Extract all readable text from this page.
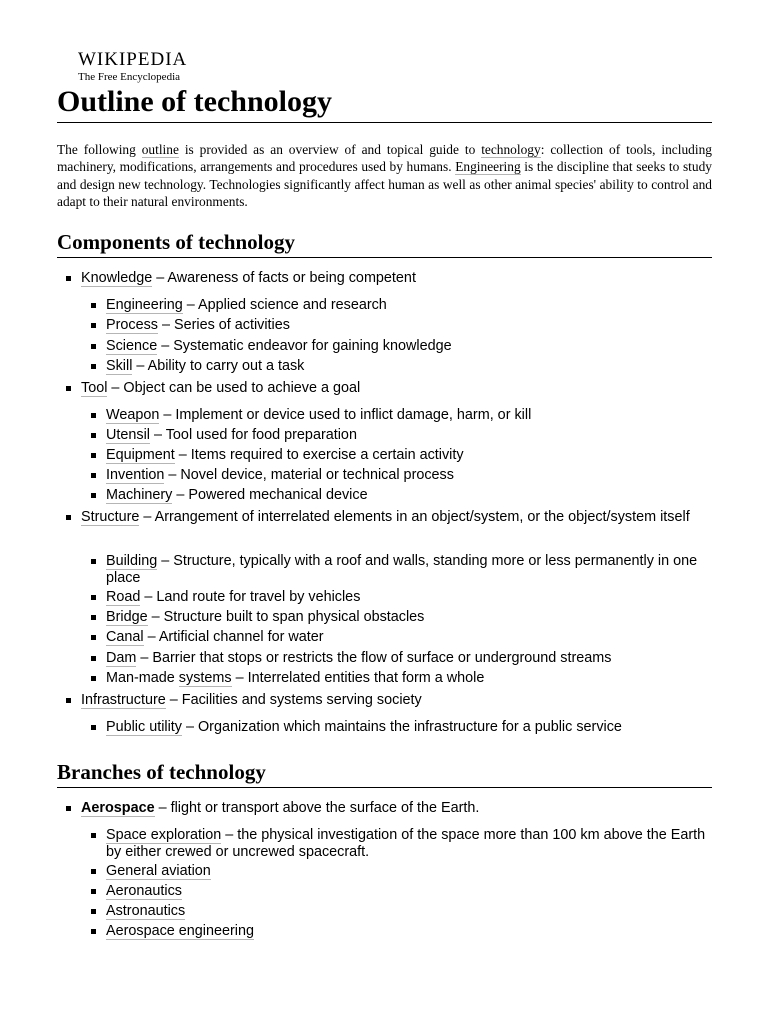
WIKIPEDIA
The Free Encyclopedia
Outline of technology

The following outline is provided as an overview of and topical guide to technology: collection of tools, including machinery, modifications, arrangements and procedures used by humans. Engineering is the discipline that seeks to study and design new technology. Technologies significantly affect human as well as other animal species' ability to control and adapt to their natural environments.

Components of technology
Knowledge – Awareness of facts or being competent
Engineering – Applied science and research
Process – Series of activities
Science – Systematic endeavor for gaining knowledge
Skill – Ability to carry out a task
Tool – Object can be used to achieve a goal
Weapon – Implement or device used to inflict damage, harm, or kill
Utensil – Tool used for food preparation
Equipment – Items required to exercise a certain activity
Invention – Novel device, material or technical process
Machinery – Powered mechanical device
Structure – Arrangement of interrelated elements in an object/system, or the object/system itself
Building – Structure, typically with a roof and walls, standing more or less permanently in one place
Road – Land route for travel by vehicles
Bridge – Structure built to span physical obstacles
Canal – Artificial channel for water
Dam – Barrier that stops or restricts the flow of surface or underground streams
Man-made systems – Interrelated entities that form a whole
Infrastructure – Facilities and systems serving society
Public utility – Organization which maintains the infrastructure for a public service
Branches of technology
Aerospace – flight or transport above the surface of the Earth.
Space exploration – the physical investigation of the space more than 100 km above the Earth by either crewed or uncrewed spacecraft.
General aviation
Aeronautics
Astronautics
Aerospace engineering
